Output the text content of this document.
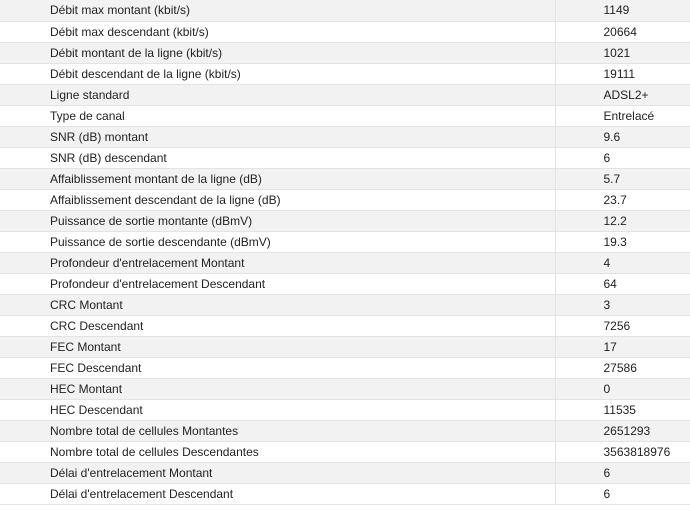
Débit max montant (kbit/s)	1149
Débit max descendant (kbit/s)	20664
Débit montant de la ligne (kbit/s)	1021
Débit descendant de la ligne (kbit/s)	19111
Ligne standard	ADSL2+
Type de canal	Entrelacé
SNR (dB) montant	9.6
SNR (dB) descendant	6
Affaiblissement montant de la ligne (dB)	5.7
Affaiblissement descendant de la ligne (dB)	23.7
Puissance de sortie montante (dBmV)	12.2
Puissance de sortie descendante (dBmV)	19.3
Profondeur d'entrelacement Montant	4
Profondeur d'entrelacement Descendant	64
CRC Montant	3
CRC Descendant	7256
FEC Montant	17
FEC Descendant	27586
HEC Montant	0
HEC Descendant	11535
Nombre total de cellules Montantes	2651293
Nombre total de cellules Descendantes	3563818976
Délai d'entrelacement Montant	6
Délai d'entrelacement Descendant	6
